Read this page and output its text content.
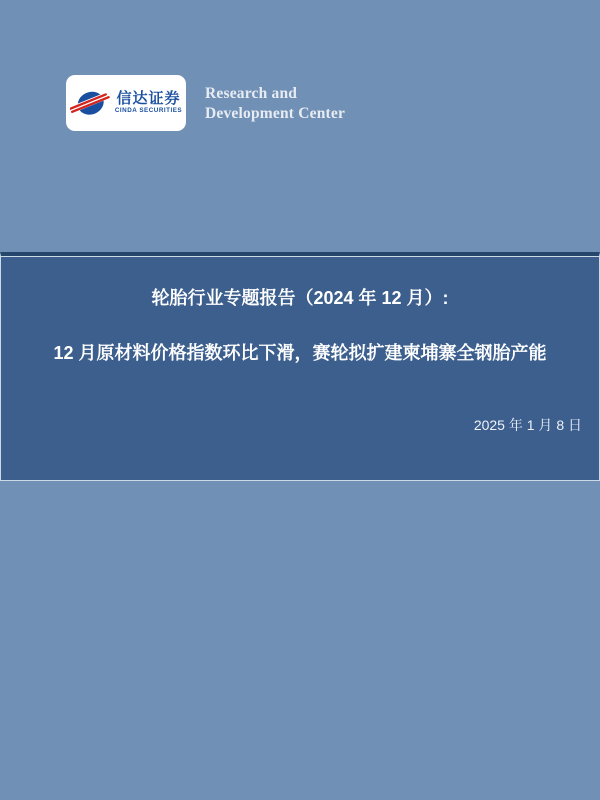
信达证券
CINDA SECURITIES
Research and
Development Center
轮胎行业专题报告（2024 年 12 月）:
12 月原材料价格指数环比下滑，赛轮拟扩建柬埔寨全钢胎产能
2025 年 1 月 8 日
